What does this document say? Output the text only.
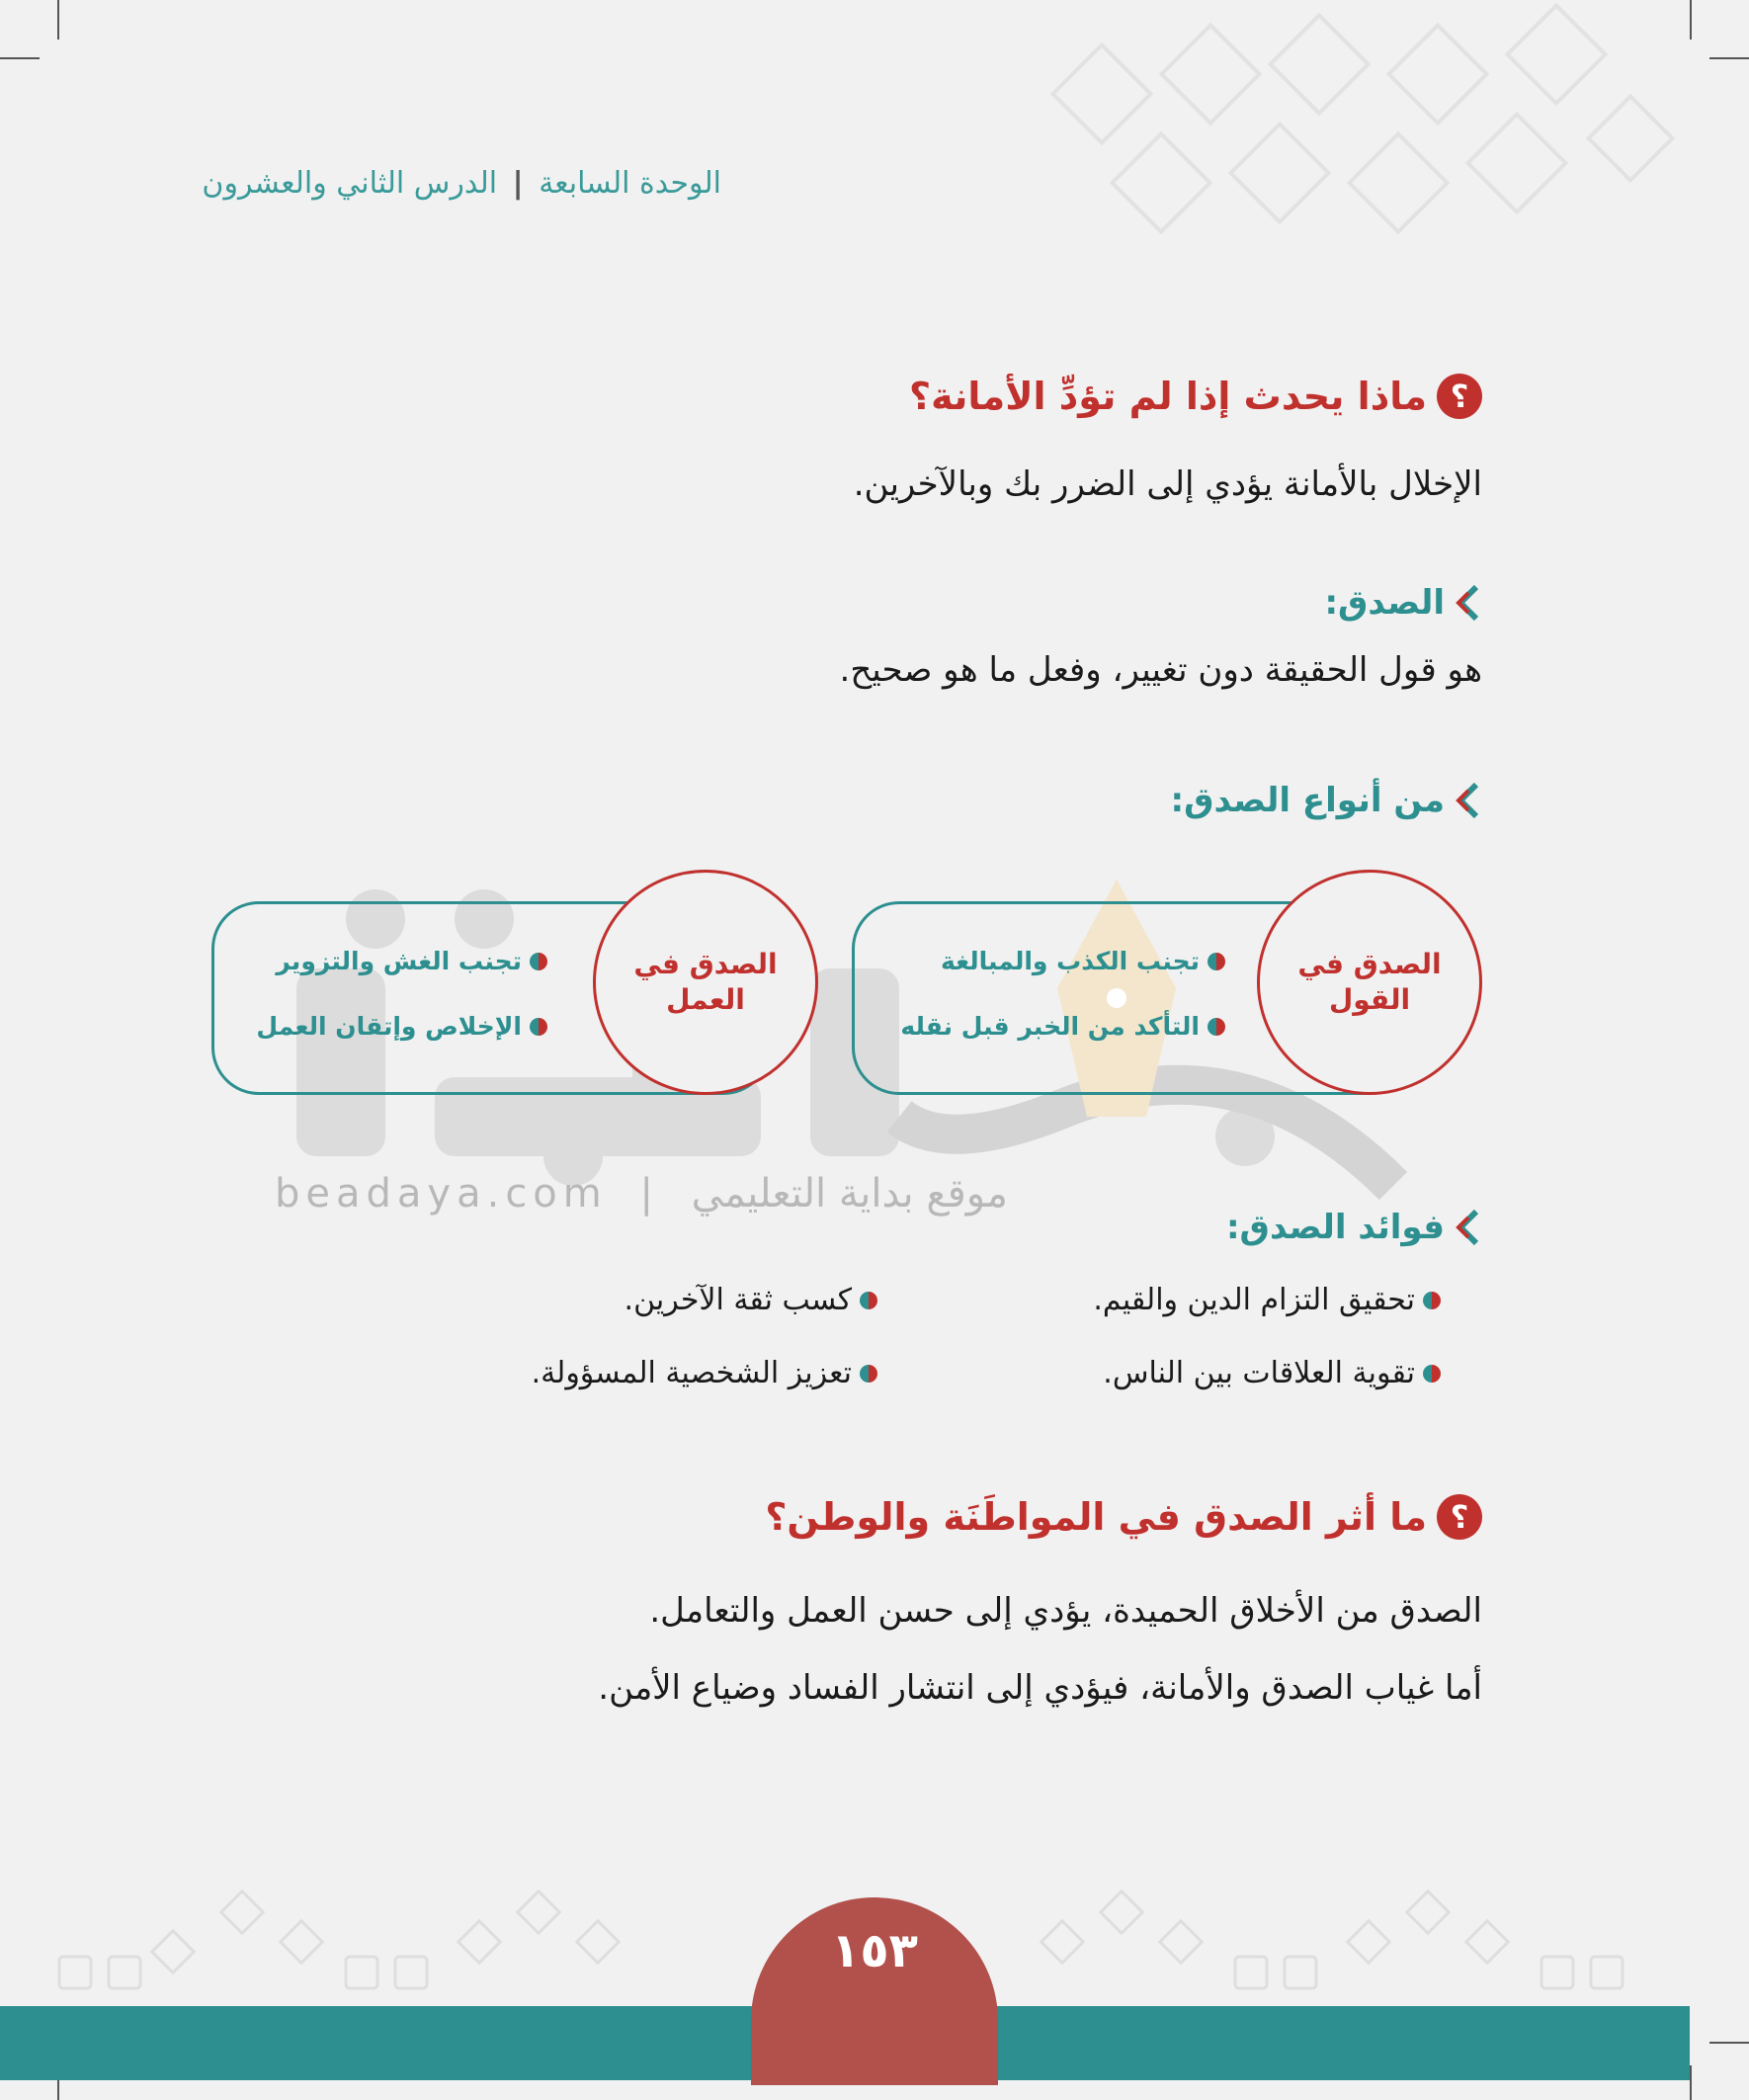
الوحدة السابعة | الدرس الثاني والعشرون
؟
ماذا يحدث إذا لم تؤدِّ الأمانة؟
الإخلال بالأمانة يؤدي إلى الضرر بك وبالآخرين.
الصدق:
هو قول الحقيقة دون تغيير، وفعل ما هو صحيح.
من أنواع الصدق:
بداية
الصدق في القول
تجنب الكذب والمبالغة
التأكد من الخبر قبل نقله
الصدق في العمل
تجنب الغش والتزوير
الإخلاص وإتقان العمل
beadaya.com | موقع بداية التعليمي
فوائد الصدق:
تحقيق التزام الدين والقيم.
كسب ثقة الآخرين.
تقوية العلاقات بين الناس.
تعزيز الشخصية المسؤولة.
؟
ما أثر الصدق في المواطَنَة والوطن؟
الصدق من الأخلاق الحميدة، يؤدي إلى حسن العمل والتعامل.
أما غياب الصدق والأمانة، فيؤدي إلى انتشار الفساد وضياع الأمن.
١٥٣
